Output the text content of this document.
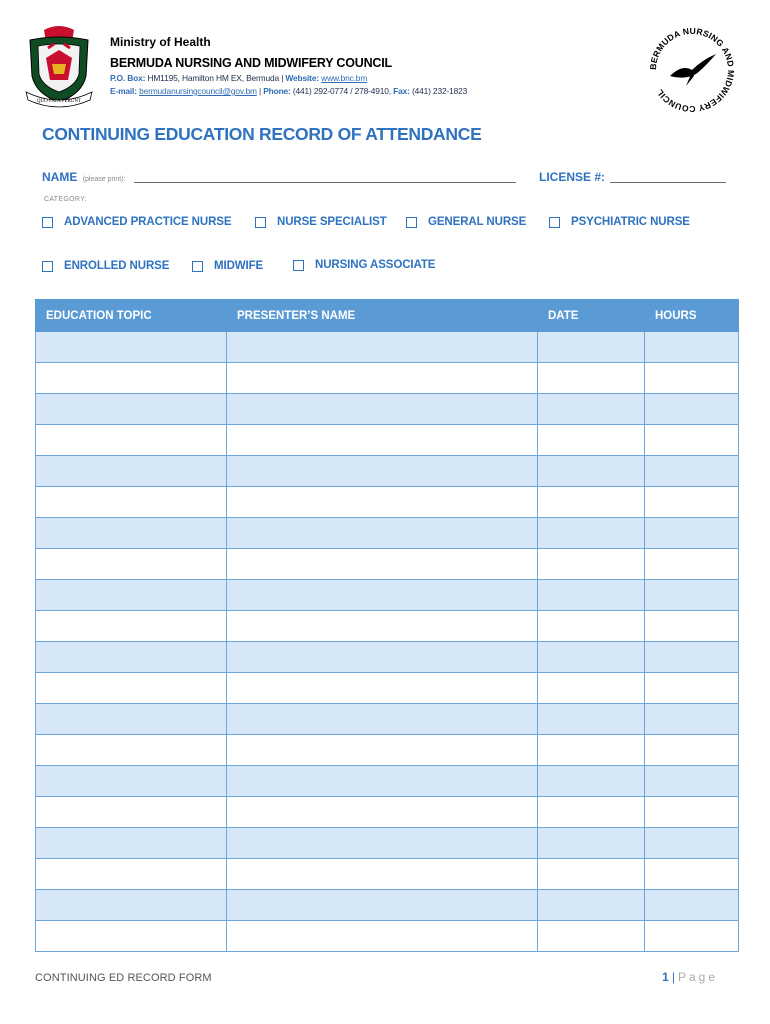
QUO FATA FERUNT
Ministry of Health
BERMUDA NURSING AND MIDWIFERY COUNCIL
P.O. Box: HM1195, Hamilton HM EX, Bermuda | Website: www.bnc.bm
E-mail: bermudanursingcouncil@gov.bm | Phone: (441) 292-0774 / 278-4910, Fax: (441) 232-1823
BERMUDA NURSING AND MIDWIFERY COUNCIL
CONTINUING EDUCATION RECORD OF ATTENDANCE
NAME (please print):	LICENSE #:
CATEGORY:
ADVANCED PRACTICE NURSE	NURSE SPECIALIST	GENERAL NURSE	PSYCHIATRIC NURSE
ENROLLED NURSE	MIDWIFE	NURSING ASSOCIATE
EDUCATION TOPIC	PRESENTER’S NAME	DATE	HOURS

CONTINUING ED RECORD FORM	1 | Page
